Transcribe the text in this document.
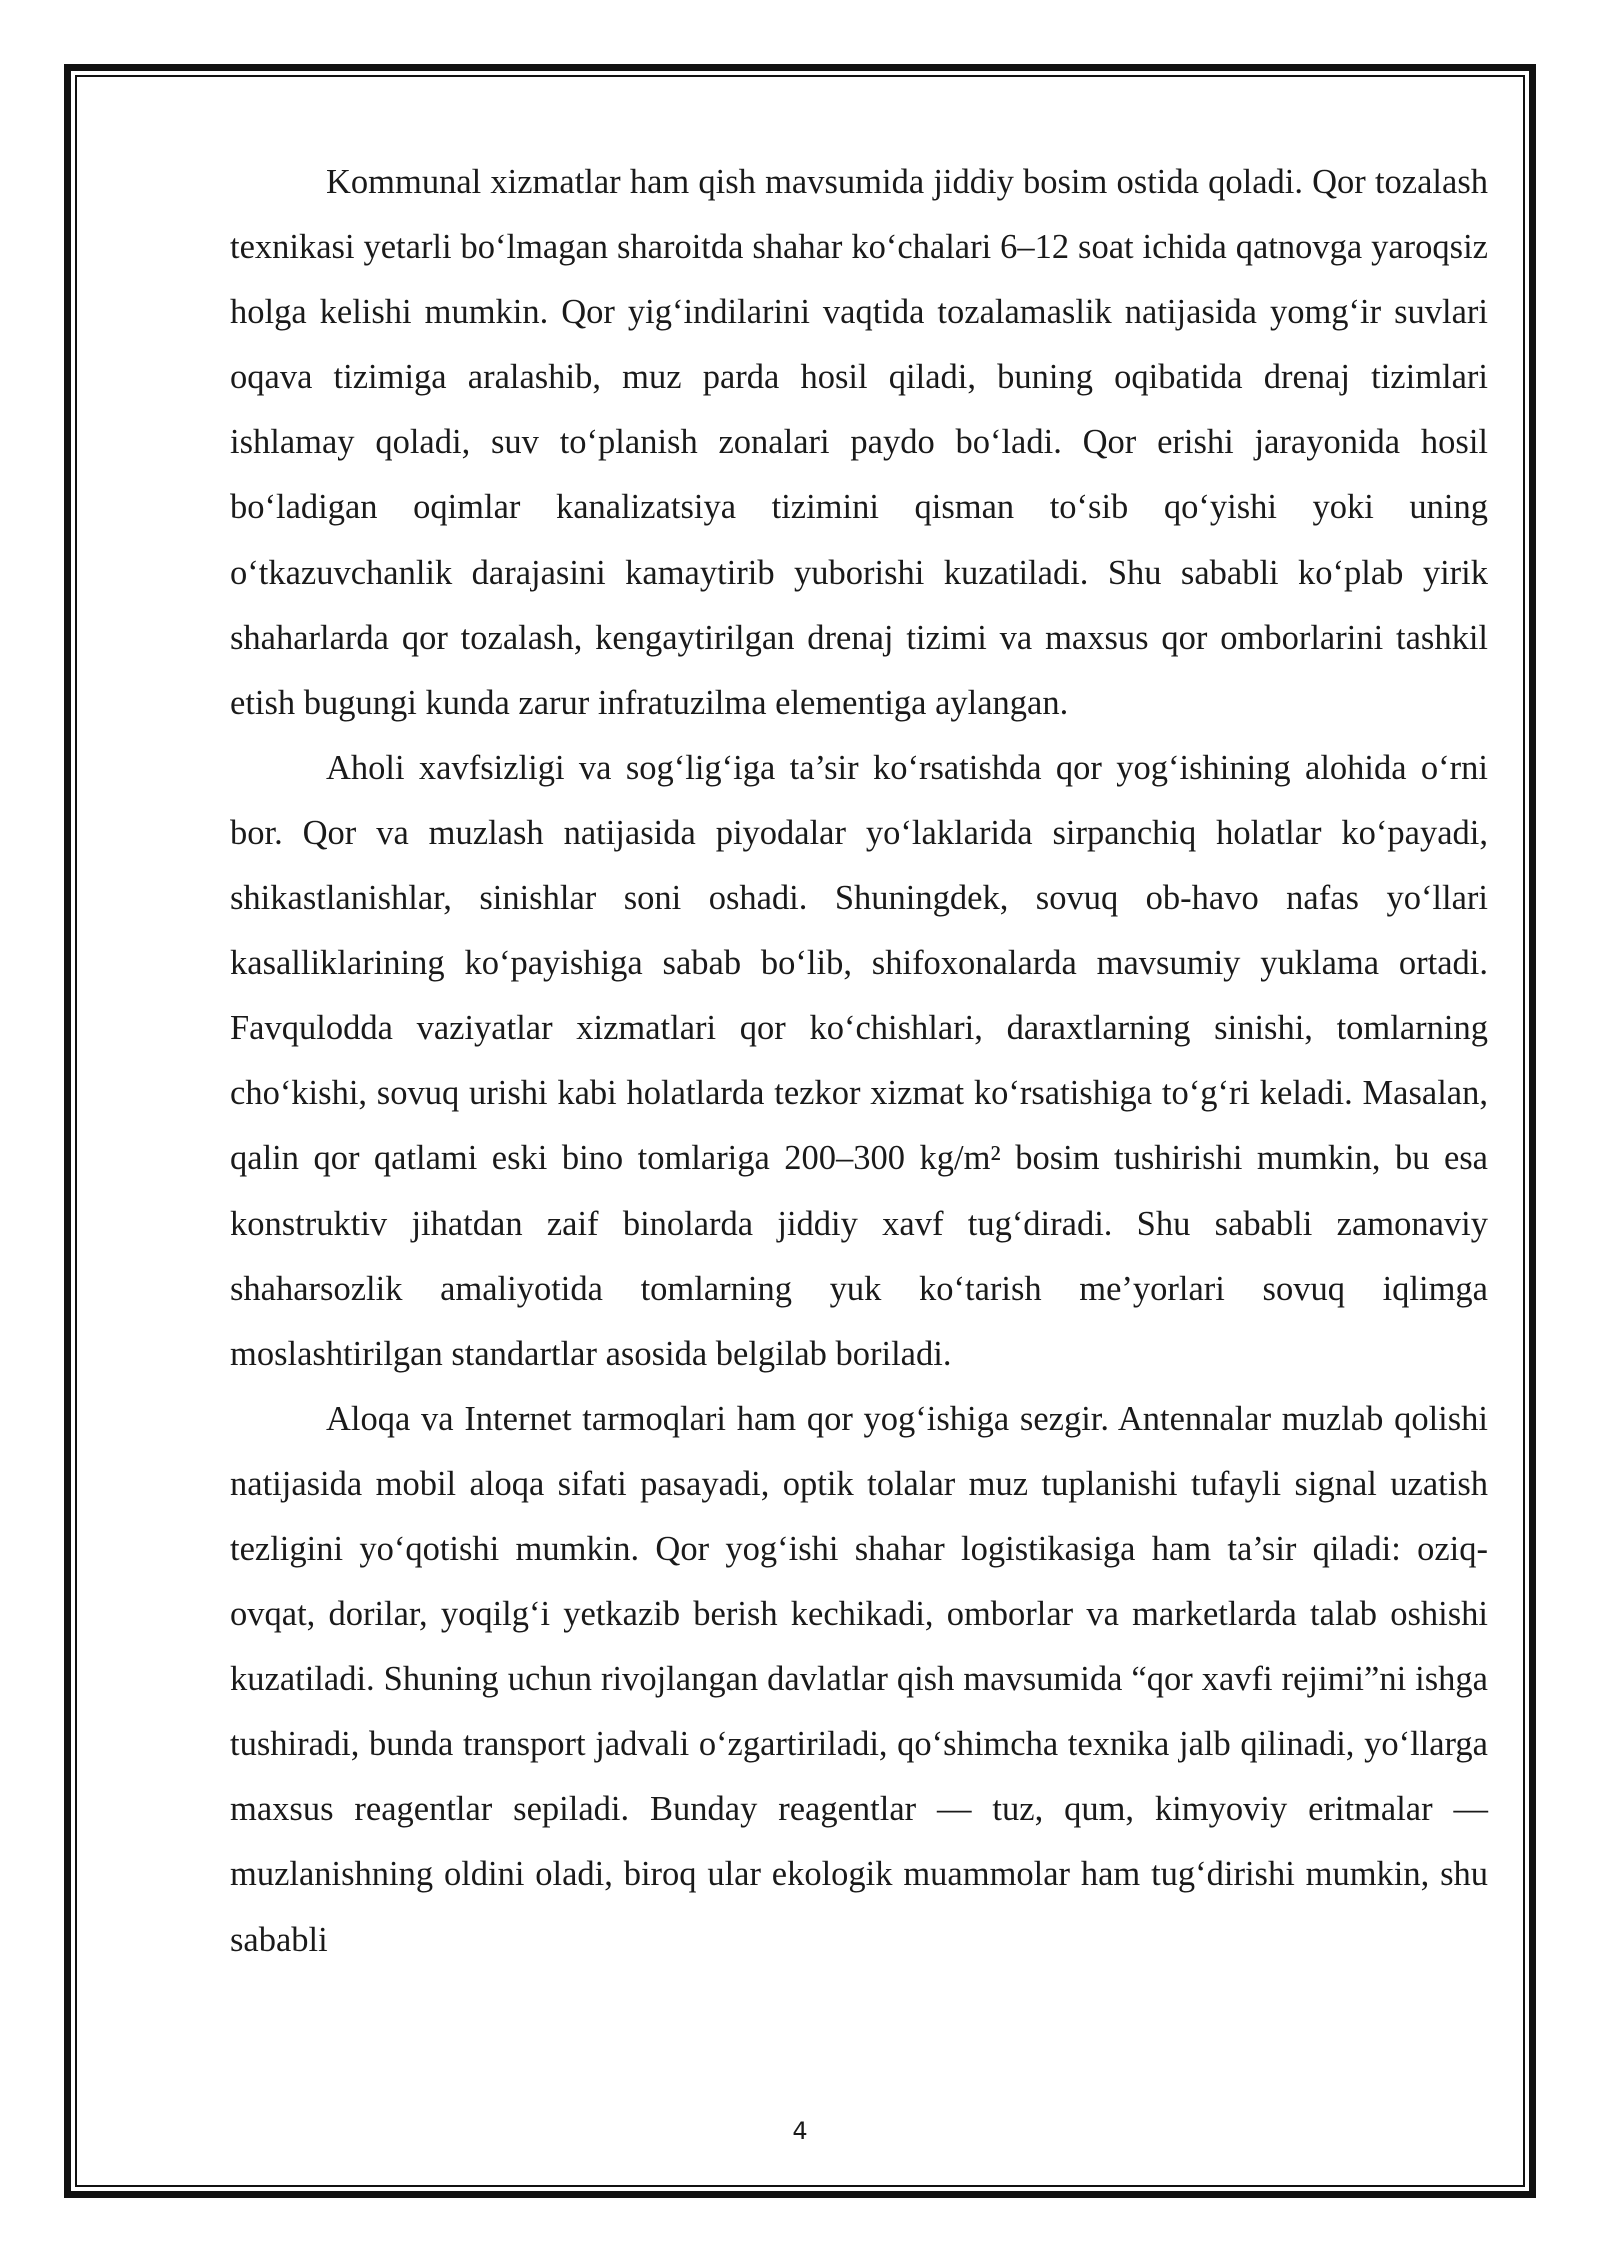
Kommunal xizmatlar ham qish mavsumida jiddiy bosim ostida qoladi. Qor tozalash texnikasi yetarli bo‘lmagan sharoitda shahar ko‘chalari 6–12 soat ichida qatnovga yaroqsiz holga kelishi mumkin. Qor yig‘indilarini vaqtida tozalamaslik natijasida yomg‘ir suvlari oqava tizimiga aralashib, muz parda hosil qiladi, buning oqibatida drenaj tizimlari ishlamay qoladi, suv to‘planish zonalari paydo bo‘ladi. Qor erishi jarayonida hosil bo‘ladigan oqimlar kanalizatsiya tizimini qisman to‘sib qo‘yishi yoki uning o‘tkazuvchanlik darajasini kamaytirib yuborishi kuzatiladi. Shu sababli ko‘plab yirik shaharlarda qor tozalash, kengaytirilgan drenaj tizimi va maxsus qor omborlarini tashkil etish bugungi kunda zarur infratuzilma elementiga aylangan.

Aholi xavfsizligi va sog‘lig‘iga ta’sir ko‘rsatishda qor yog‘ishining alohida o‘rni bor. Qor va muzlash natijasida piyodalar yo‘laklarida sirpanchiq holatlar ko‘payadi, shikastlanishlar, sinishlar soni oshadi. Shuningdek, sovuq ob-havo nafas yo‘llari kasalliklarining ko‘payishiga sabab bo‘lib, shifoxonalarda mavsumiy yuklama ortadi. Favqulodda vaziyatlar xizmatlari qor ko‘chishlari, daraxtlarning sinishi, tomlarning cho‘kishi, sovuq urishi kabi holatlarda tezkor xizmat ko‘rsatishiga to‘g‘ri keladi. Masalan, qalin qor qatlami eski bino tomlariga 200–300 kg/m² bosim tushirishi mumkin, bu esa konstruktiv jihatdan zaif binolarda jiddiy xavf tug‘diradi. Shu sababli zamonaviy shaharsozlik amaliyotida tomlarning yuk ko‘tarish me’yorlari sovuq iqlimga moslashtirilgan standartlar asosida belgilab boriladi.

Aloqa va Internet tarmoqlari ham qor yog‘ishiga sezgir. Antennalar muzlab qolishi natijasida mobil aloqa sifati pasayadi, optik tolalar muz tuplanishi tufayli signal uzatish tezligini yo‘qotishi mumkin. Qor yog‘ishi shahar logistikasiga ham ta’sir qiladi: oziq-ovqat, dorilar, yoqilg‘i yetkazib berish kechikadi, omborlar va marketlarda talab oshishi kuzatiladi. Shuning uchun rivojlangan davlatlar qish mavsumida “qor xavfi rejimi”ni ishga tushiradi, bunda transport jadvali o‘zgartiriladi, qo‘shimcha texnika jalb qilinadi, yo‘llarga maxsus reagentlar sepiladi. Bunday reagentlar — tuz, qum, kimyoviy eritmalar — muzlanishning oldini oladi, biroq ular ekologik muammolar ham tug‘dirishi mumkin, shu sababli

4
